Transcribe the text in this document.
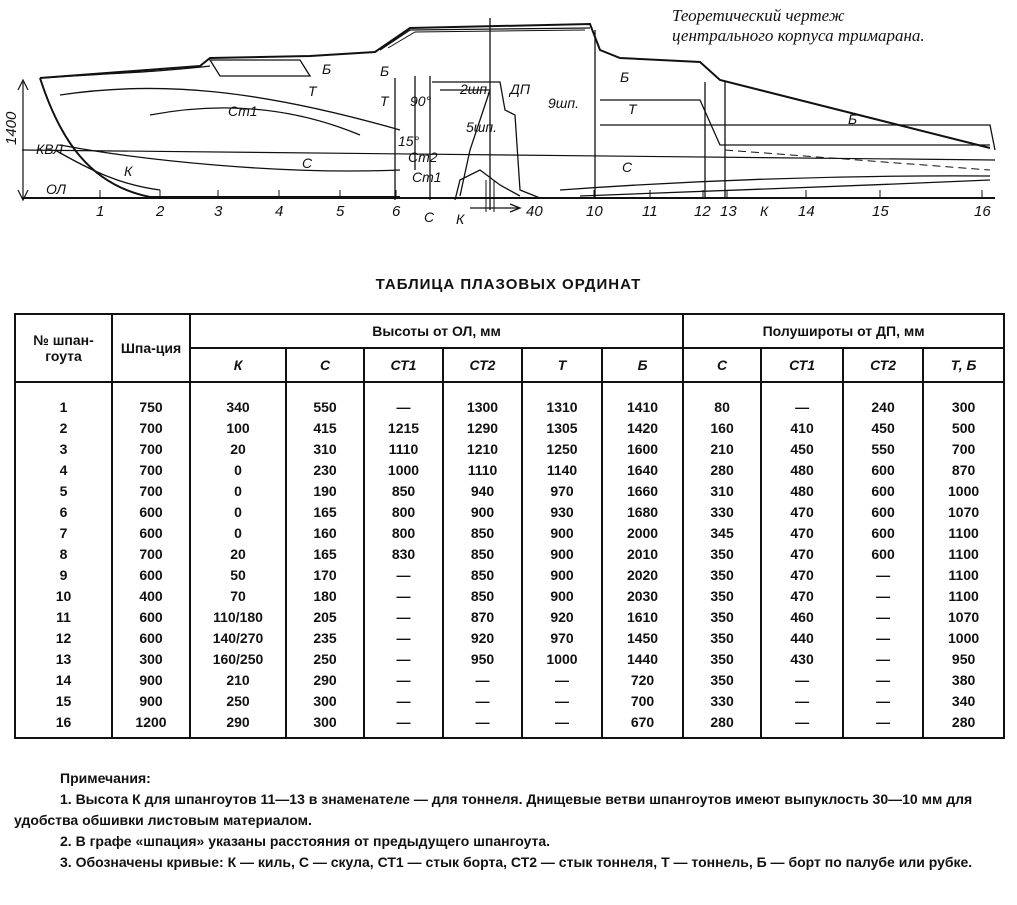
Теоретический чертеж
центрального корпуса тримарана.
1400
КВЛ
ОЛ
1	2	3	4	5	6	10	11 12 13	14	15	16
40
К	С
Ст1
Т
Б	Б
Т
Ст2
Ст1
С К
Б
Т
С
К
Б
90°
15°
2шп.
5шп.
9шп.
ДП
ТАБЛИЦА ПЛАЗОВЫХ ОРДИНАТ
№ шпан-гоута	Шпа-ция	Высоты от ОЛ, мм						Полушироты от ДП, мм			
		К	С	СТ1	СТ2	Т	Б	С	СТ1	СТ2	Т, Б
1	750	340	550	—	1300	1310	1410	80	—	240	300
2	700	100	415	1215	1290	1305	1420	160	410	450	500
3	700	20	310	1110	1210	1250	1600	210	450	550	700
4	700	0	230	1000	1110	1140	1640	280	480	600	870
5	700	0	190	850	940	970	1660	310	480	600	1000
6	600	0	165	800	900	930	1680	330	470	600	1070
7	600	0	160	800	850	900	2000	345	470	600	1100
8	700	20	165	830	850	900	2010	350	470	600	1100
9	600	50	170	—	850	900	2020	350	470	—	1100
10	400	70	180	—	850	900	2030	350	470	—	1100
11	600	110/180	205	—	870	920	1610	350	460	—	1070
12	600	140/270	235	—	920	970	1450	350	440	—	1000
13	300	160/250	250	—	950	1000	1440	350	430	—	950
14	900	210	290	—	—	—	720	350	—	—	380
15	900	250	300	—	—	—	700	330	—	—	340
16	1200	290	300	—	—	—	670	280	—	—	280

Примечания:

1. Высота К для шпангоутов 11—13 в знаменателе — для тоннеля. Днищевые ветви шпангоутов имеют выпуклость 30—10 мм для удобства обшивки листовым материалом.

2. В графе «шпация» указаны расстояния от предыдущего шпангоута.

3. Обозначены кривые: К — киль, С — скула, СТ1 — стык борта, СТ2 — стык тоннеля, Т — тоннель, Б — борт по палубе или рубке.
